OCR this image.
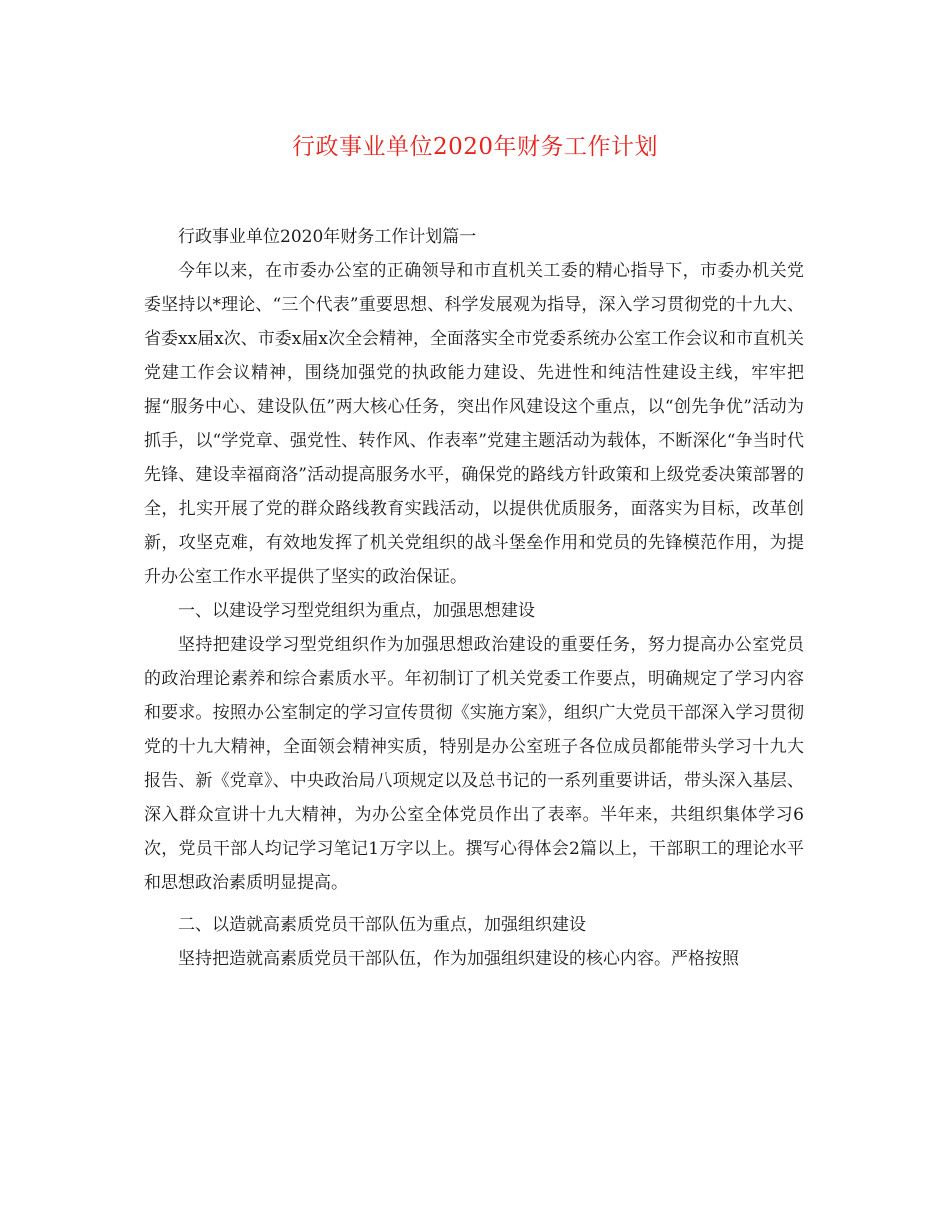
行政事业单位2020年财务工作计划

行政事业单位2020年财务工作计划篇一

今年以来，在市委办公室的正确领导和市直机关工委的精心指导下，市委办机关党委坚持以*理论、“三个代表”重要思想、科学发展观为指导，深入学习贯彻党的十九大、省委xx届x次、市委x届x次全会精神，全面落实全市党委系统办公室工作会议和市直机关党建工作会议精神，围绕加强党的执政能力建设、先进性和纯洁性建设主线，牢牢把握“服务中心、建设队伍”两大核心任务，突出作风建设这个重点，以“创先争优”活动为抓手，以“学党章、强党性、转作风、作表率”党建主题活动为载体，不断深化“争当时代先锋、建设幸福商洛”活动提高服务水平，确保党的路线方针政策和上级党委决策部署的全，扎实开展了党的群众路线教育实践活动，以提供优质服务，面落实为目标，改革创新，攻坚克难，有效地发挥了机关党组织的战斗堡垒作用和党员的先锋模范作用，为提升办公室工作水平提供了坚实的政治保证。

一、以建设学习型党组织为重点，加强思想建设

坚持把建设学习型党组织作为加强思想政治建设的重要任务，努力提高办公室党员的政治理论素养和综合素质水平。年初制订了机关党委工作要点，明确规定了学习内容和要求。按照办公室制定的学习宣传贯彻《实施方案》，组织广大党员干部深入学习贯彻党的十九大精神，全面领会精神实质，特别是办公室班子各位成员都能带头学习十九大报告、新《党章》、中央政治局八项规定以及总书记的一系列重要讲话，带头深入基层、深入群众宣讲十九大精神，为办公室全体党员作出了表率。半年来，共组织集体学习6次，党员干部人均记学习笔记1万字以上。撰写心得体会2篇以上，干部职工的理论水平和思想政治素质明显提高。

二、以造就高素质党员干部队伍为重点，加强组织建设

坚持把造就高素质党员干部队伍，作为加强组织建设的核心内容。严格按照
